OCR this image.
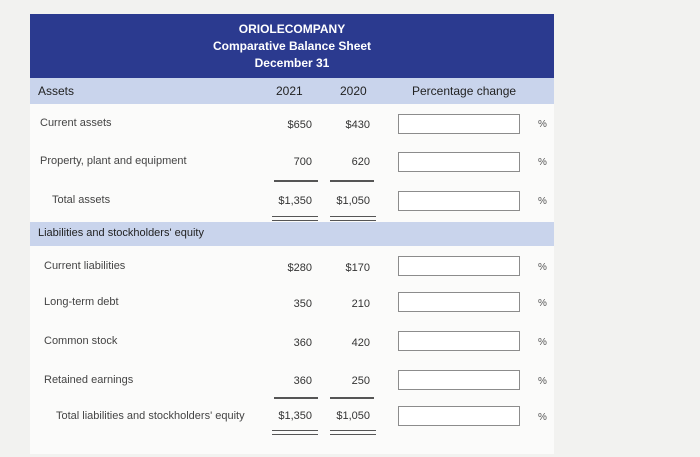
ORIOLECOMPANY
Comparative Balance Sheet
December 31
Assets	2021	2020	Percentage change
Current assets	$650	$430	%
Property, plant and equipment	700	620	%
Total assets	$1,350	$1,050	%
Liabilities and stockholders' equity
Current liabilities	$280	$170	%
Long-term debt	350	210	%
Common stock	360	420	%
Retained earnings	360	250	%
Total liabilities and stockholders' equity	$1,350	$1,050	%
